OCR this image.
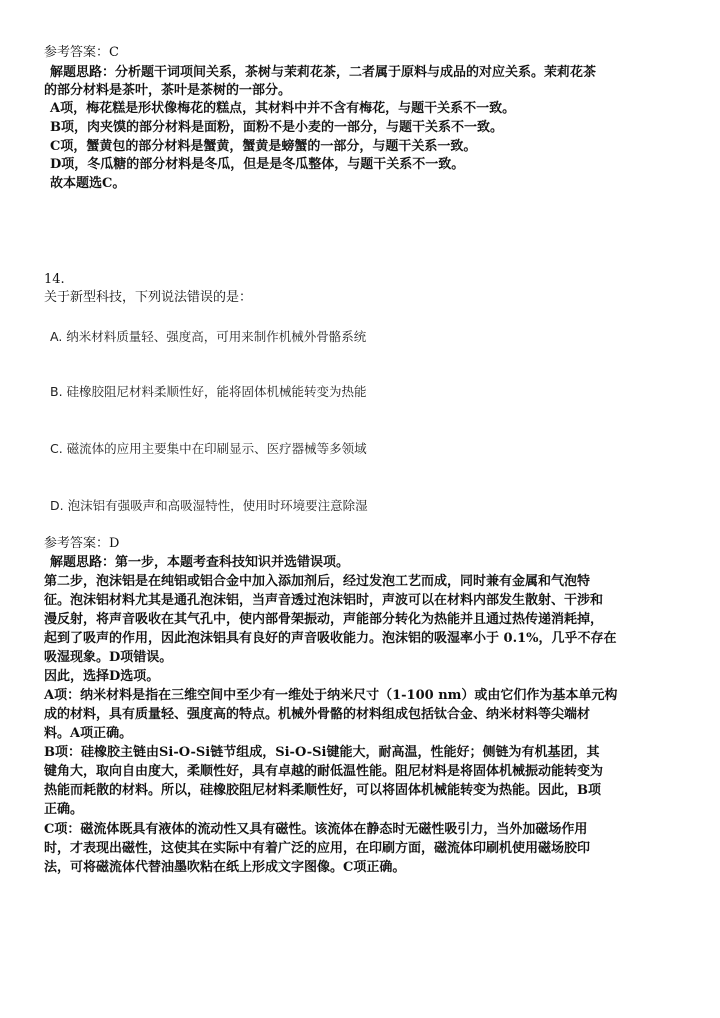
参考答案：C
解题思路：分析题干词项间关系，茶树与茉莉花茶，二者属于原料与成品的对应关系。茉莉花茶
的部分材料是茶叶，茶叶是茶树的一部分。
A项，梅花糕是形状像梅花的糕点，其材料中并不含有梅花，与题干关系不一致。
B项，肉夹馍的部分材料是面粉，面粉不是小麦的一部分，与题干关系不一致。
C项，蟹黄包的部分材料是蟹黄，蟹黄是螃蟹的一部分，与题干关系一致。
D项，冬瓜糖的部分材料是冬瓜，但是是冬瓜整体，与题干关系不一致。
故本题选C。
14.
关于新型科技，下列说法错误的是：
A. 纳米材料质量轻、强度高，可用来制作机械外骨骼系统
B. 硅橡胶阻尼材料柔顺性好，能将固体机械能转变为热能
C. 磁流体的应用主要集中在印刷显示、医疗器械等多领域
D. 泡沫铝有强吸声和高吸湿特性，使用时环境要注意除湿
参考答案：D
解题思路：第一步，本题考查科技知识并选错误项。
第二步，泡沫铝是在纯铝或铝合金中加入添加剂后，经过发泡工艺而成，同时兼有金属和气泡特
征。泡沫铝材料尤其是通孔泡沫铝，当声音透过泡沫铝时，声波可以在材料内部发生散射、干涉和
漫反射，将声音吸收在其气孔中，使内部骨架振动，声能部分转化为热能并且通过热传递消耗掉，
起到了吸声的作用，因此泡沫铝具有良好的声音吸收能力。泡沫铝的吸湿率小于 0.1%，几乎不存在
吸湿现象。D项错误。
因此，选择D选项。
A项：纳米材料是指在三维空间中至少有一维处于纳米尺寸（1-100 nm）或由它们作为基本单元构
成的材料，具有质量轻、强度高的特点。机械外骨骼的材料组成包括钛合金、纳米材料等尖端材
料。A项正确。
B项：硅橡胶主链由Si-O-Si链节组成，Si-O-Si键能大，耐高温，性能好；侧链为有机基团，其
键角大，取向自由度大，柔顺性好，具有卓越的耐低温性能。阻尼材料是将固体机械振动能转变为
热能而耗散的材料。所以，硅橡胶阻尼材料柔顺性好，可以将固体机械能转变为热能。因此，B项
正确。
C项：磁流体既具有液体的流动性又具有磁性。该流体在静态时无磁性吸引力，当外加磁场作用
时，才表现出磁性，这使其在实际中有着广泛的应用，在印刷方面，磁流体印刷机使用磁场胶印
法，可将磁流体代替油墨吹粘在纸上形成文字图像。C项正确。
